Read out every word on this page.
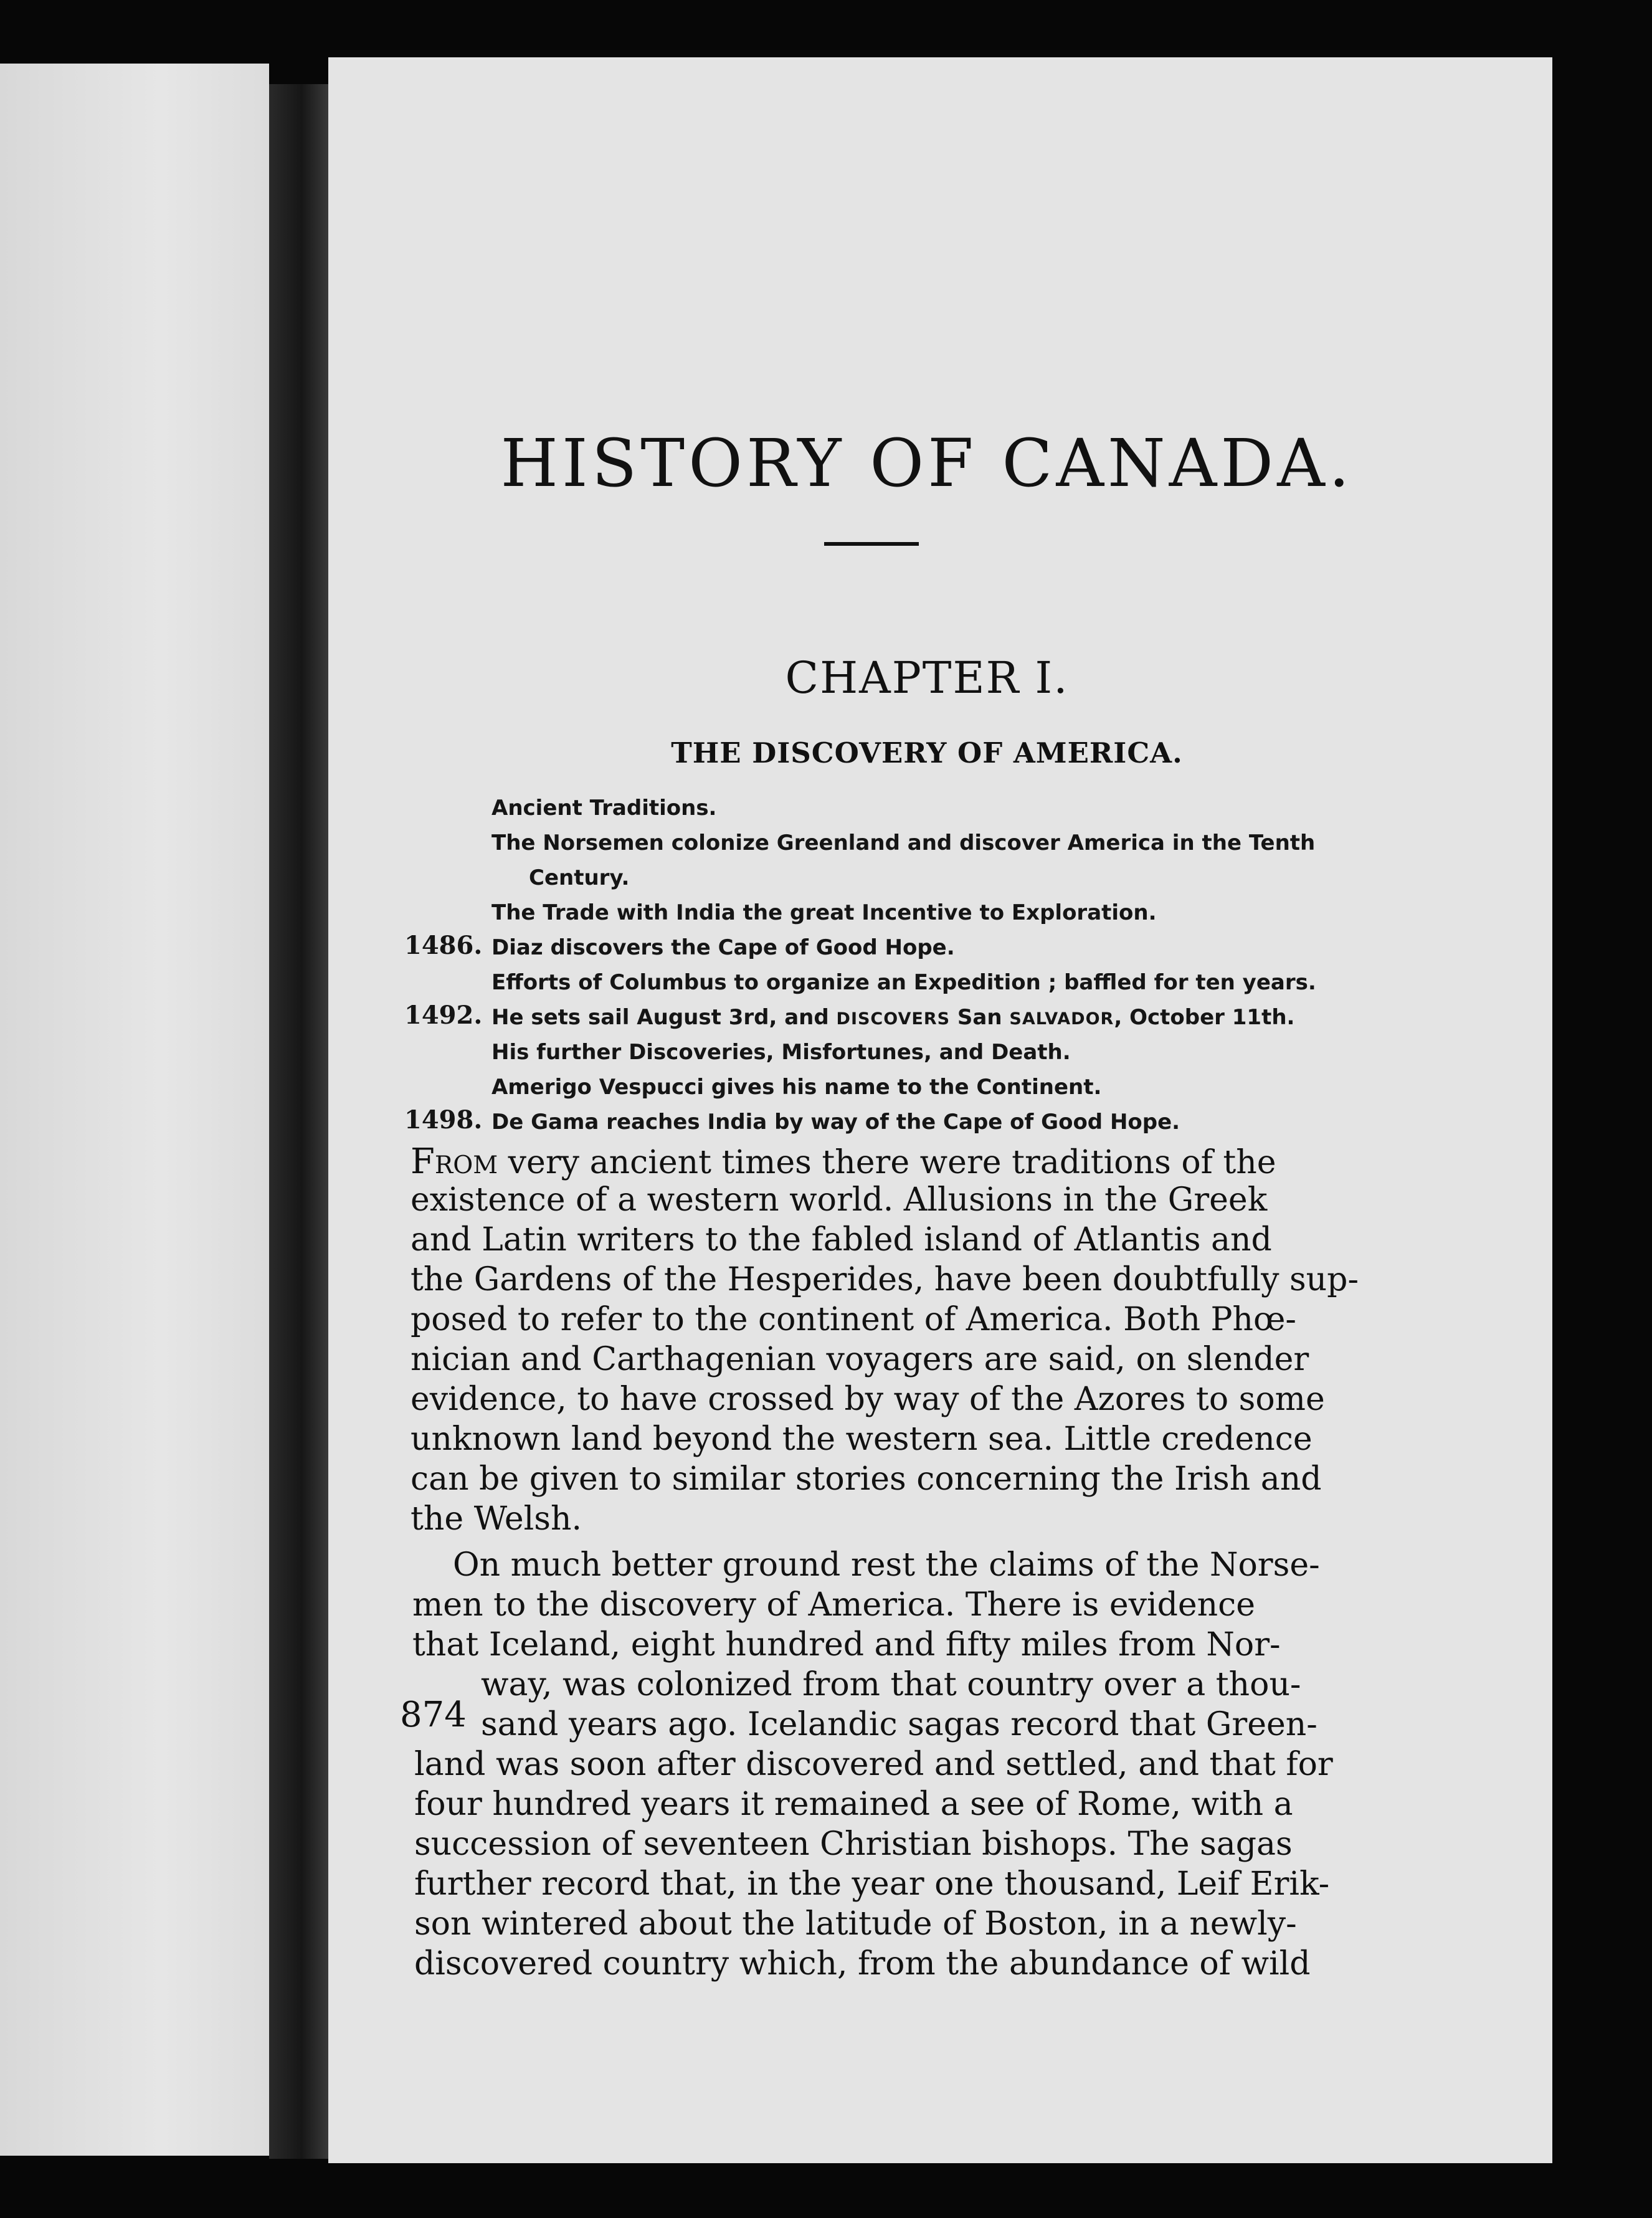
HISTORY OF CANADA.
CHAPTER I.
THE DISCOVERY OF AMERICA.
Ancient Traditions.
The Norsemen colonize Greenland and discover America in the Tenth
Century.
The Trade with India the great Incentive to Exploration.
1486. Diaz discovers the Cape of Good Hope.
Efforts of Columbus to organize an Expedition ; baffled for ten years.
1492. He sets sail August 3rd, and DISCOVERS San SALVADOR, October 11th.
His further Discoveries, Misfortunes, and Death.
Amerigo Vespucci gives his name to the Continent.
1498. De Gama reaches India by way of the Cape of Good Hope.
From very ancient times there were traditions of the
existence of a western world. Allusions in the Greek
and Latin writers to the fabled island of Atlantis and
the Gardens of the Hesperides, have been doubtfully sup-
posed to refer to the continent of America. Both Phœ-
nician and Carthagenian voyagers are said, on slender
evidence, to have crossed by way of the Azores to some
unknown land beyond the western sea. Little credence
can be given to similar stories concerning the Irish and
the Welsh.
On much better ground rest the claims of the Norse-
men to the discovery of America. There is evidence
that Iceland, eight hundred and fifty miles from Nor-
way, was colonized from that country over a thou-
sand years ago. Icelandic sagas record that Green-
land was soon after discovered and settled, and that for
four hundred years it remained a see of Rome, with a
succession of seventeen Christian bishops. The sagas
further record that, in the year one thousand, Leif Erik-
son wintered about the latitude of Boston, in a newly-
discovered country which, from the abundance of wild
874
